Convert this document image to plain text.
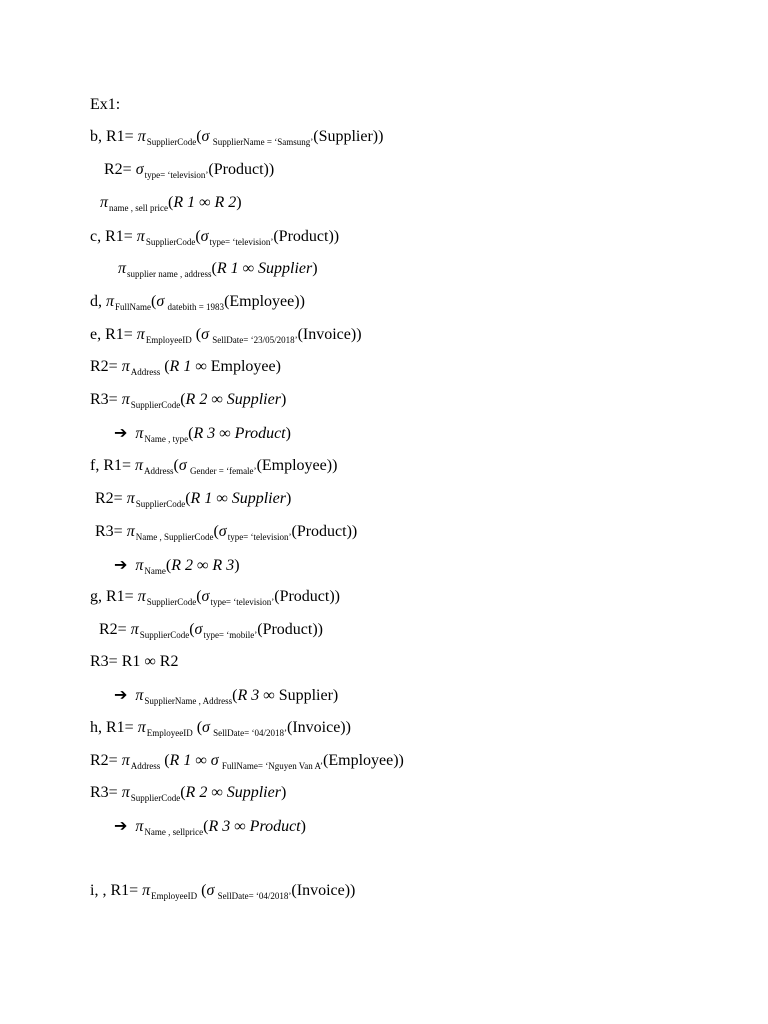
Ex1:
b, $R1= \pi_{SupplierCode}(\sigma$ $_{SupplierName = ‘Samsung’}$(Supplier))
$R2= \sigma_{type= ‘television’}(Product)$)
$\pi_{name , sell price}(R$ 1 ∞ R 2)
c, $R1= \pi_{SupplierCode}(\sigma_{type= ‘television’}(Product))$
$\pi_{supplier name , address}(R$ 1 ∞ Supplier)
d, $\pi_{FullName}(\sigma$ $_{datebith = 1983}$(Employee))
e, $R1= \pi_{EmployeeID}$ (σ $_{SellDate= ‘23/05/2018’}$(Invoice))
$R2= \pi_{Address}$ (R 1 ∞ Employee)
$R3= \pi_{SupplierCode}(R$ 2 ∞ Supplier)
➔ $\pi_{Name , type}(R$ 3 ∞ Product)
f, $R1= \pi_{Address}(\sigma$ $_{Gender = ‘female’}$(Employee))
$R2= \pi_{SupplierCode}(R$ 1 ∞ Supplier)
$R3= \pi_{Name , SupplierCode}(\sigma_{type= ‘television’}(Product))$
➔ $\pi_{Name}(R$ 2 ∞ R 3)
g, $R1= \pi_{SupplierCode}(\sigma_{type= ‘television’}(Product))$
$R2= \pi_{SupplierCode}(\sigma_{type= ‘mobile’}(Product))$
R3= R1 ∞ R2
➔ $\pi_{SupplierName , Address}(R$ 3 ∞ Supplier)
h, $R1= \pi_{EmployeeID}$ (σ $_{SellDate= ‘04/2018’}$(Invoice))
$R2= \pi_{Address}$ (R 1 ∞ σ $_{FullName= ‘Nguyen Van A’}$(Employee))
$R3= \pi_{SupplierCode}(R$ 2 ∞ Supplier)
➔ $\pi_{Name , sellprice}(R$ 3 ∞ Product)
i, , $R1= \pi_{EmployeeID}$ (σ $_{SellDate= ‘04/2018’}$(Invoice))
